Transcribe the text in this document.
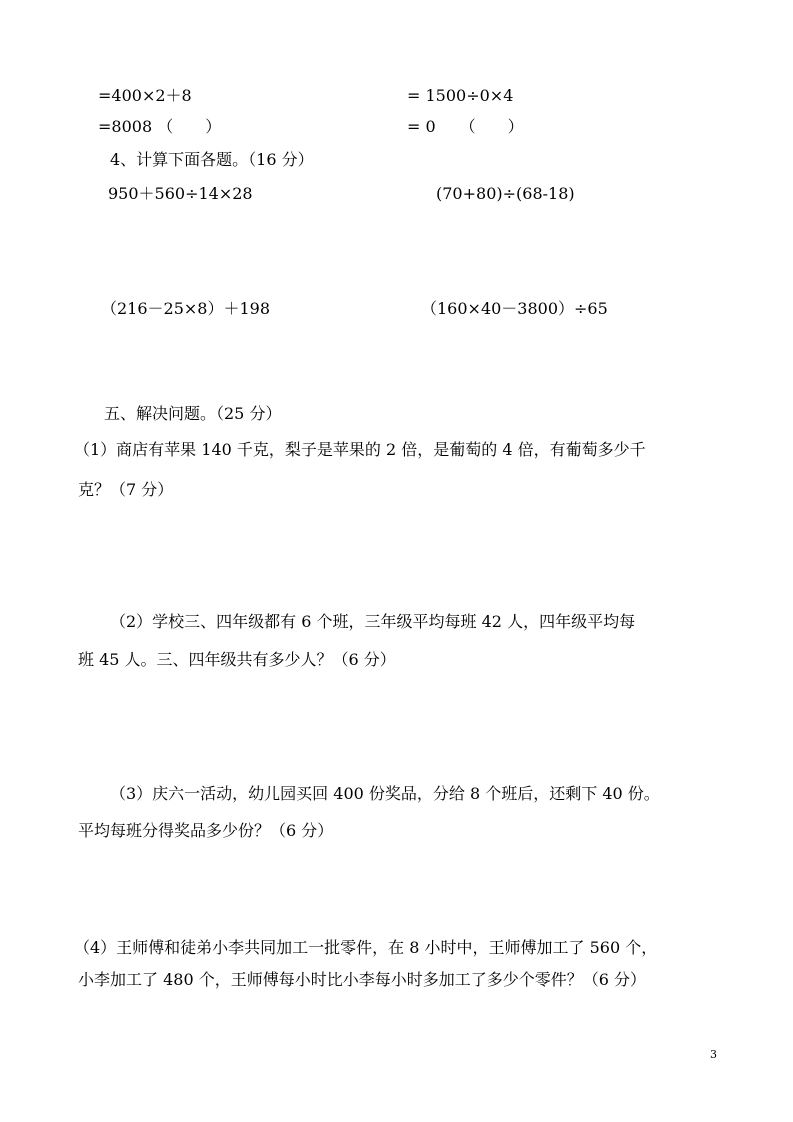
=400×2＋8
=8008 （　　）
= 1500÷0×4
= 0　　（　　）
4、计算下面各题。（16 分）
950＋560÷14×28	(70+80)÷(68-18)
（216－25×8）＋198	（160×40－3800）÷65
五、解决问题。（25 分）
（1）商店有苹果 140 千克，梨子是苹果的 2 倍，是葡萄的 4 倍，有葡萄多少千
克？（7 分）
（2）学校三、四年级都有 6 个班，三年级平均每班 42 人，四年级平均每
班 45 人。三、四年级共有多少人？（6 分）
（3）庆六一活动，幼儿园买回 400 份奖品，分给 8 个班后，还剩下 40 份。
平均每班分得奖品多少份？（6 分）
（4）王师傅和徒弟小李共同加工一批零件，在 8 小时中，王师傅加工了 560 个，
小李加工了 480 个，王师傅每小时比小李每小时多加工了多少个零件？（6 分）
3
